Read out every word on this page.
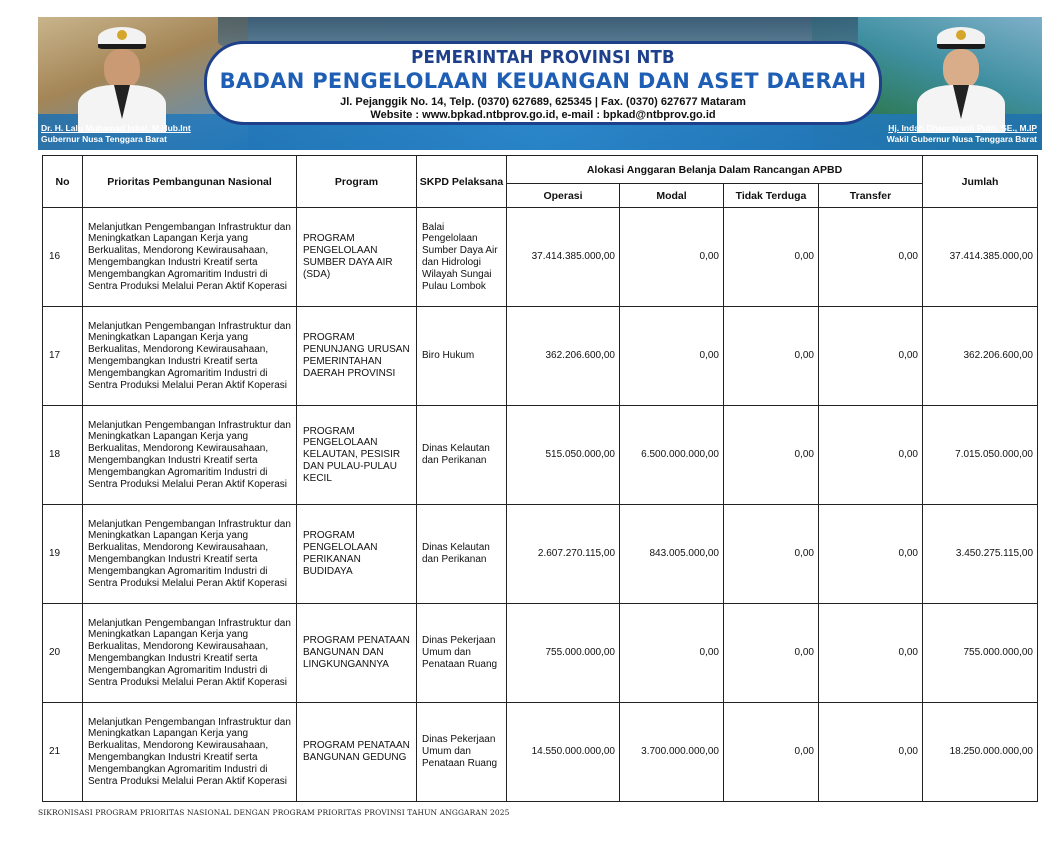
PEMERINTAH PROVINSI NTB
BADAN PENGELOLAAN KEUANGAN DAN ASET DAERAH
Jl. Pejanggik No. 14, Telp. (0370) 627689, 625345 | Fax. (0370) 627677 Mataram
Website : www.bpkad.ntbprov.go.id, e-mail : bpkad@ntbprov.go.id
Dr. H. Lalu Muhamad Iqbal, M.Hub.Int
Gubernur Nusa Tenggara Barat
Hj. Indah Dhamayanti Putri, SE., M.IP
Wakil Gubernur Nusa Tenggara Barat
No	Prioritas Pembangunan Nasional	Program	SKPD Pelaksana	Alokasi Anggaran Belanja Dalam Rancangan APBD				Jumlah
				Operasi	Modal	Tidak Terduga	Transfer	
16	Melanjutkan Pengembangan Infrastruktur dan Meningkatkan Lapangan Kerja yang Berkualitas, Mendorong Kewirausahaan, Mengembangkan Industri Kreatif serta Mengembangkan Agromaritim Industri di Sentra Produksi Melalui Peran Aktif Koperasi	PROGRAM PENGELOLAAN SUMBER DAYA AIR (SDA)	Balai Pengelolaan Sumber Daya Air dan Hidrologi Wilayah Sungai Pulau Lombok	37.414.385.000,00	0,00	0,00	0,00	37.414.385.000,00
17	Melanjutkan Pengembangan Infrastruktur dan Meningkatkan Lapangan Kerja yang Berkualitas, Mendorong Kewirausahaan, Mengembangkan Industri Kreatif serta Mengembangkan Agromaritim Industri di Sentra Produksi Melalui Peran Aktif Koperasi	PROGRAM PENUNJANG URUSAN PEMERINTAHAN DAERAH PROVINSI	Biro Hukum	362.206.600,00	0,00	0,00	0,00	362.206.600,00
18	Melanjutkan Pengembangan Infrastruktur dan Meningkatkan Lapangan Kerja yang Berkualitas, Mendorong Kewirausahaan, Mengembangkan Industri Kreatif serta Mengembangkan Agromaritim Industri di Sentra Produksi Melalui Peran Aktif Koperasi	PROGRAM PENGELOLAAN KELAUTAN, PESISIR DAN PULAU-PULAU KECIL	Dinas Kelautan dan Perikanan	515.050.000,00	6.500.000.000,00	0,00	0,00	7.015.050.000,00
19	Melanjutkan Pengembangan Infrastruktur dan Meningkatkan Lapangan Kerja yang Berkualitas, Mendorong Kewirausahaan, Mengembangkan Industri Kreatif serta Mengembangkan Agromaritim Industri di Sentra Produksi Melalui Peran Aktif Koperasi	PROGRAM PENGELOLAAN PERIKANAN BUDIDAYA	Dinas Kelautan dan Perikanan	2.607.270.115,00	843.005.000,00	0,00	0,00	3.450.275.115,00
20	Melanjutkan Pengembangan Infrastruktur dan Meningkatkan Lapangan Kerja yang Berkualitas, Mendorong Kewirausahaan, Mengembangkan Industri Kreatif serta Mengembangkan Agromaritim Industri di Sentra Produksi Melalui Peran Aktif Koperasi	PROGRAM PENATAAN BANGUNAN DAN LINGKUNGANNYA	Dinas Pekerjaan Umum dan Penataan Ruang	755.000.000,00	0,00	0,00	0,00	755.000.000,00
21	Melanjutkan Pengembangan Infrastruktur dan Meningkatkan Lapangan Kerja yang Berkualitas, Mendorong Kewirausahaan, Mengembangkan Industri Kreatif serta Mengembangkan Agromaritim Industri di Sentra Produksi Melalui Peran Aktif Koperasi	PROGRAM PENATAAN BANGUNAN GEDUNG	Dinas Pekerjaan Umum dan Penataan Ruang	14.550.000.000,00	3.700.000.000,00	0,00	0,00	18.250.000.000,00
SIKRONISASI PROGRAM PRIORITAS NASIONAL DENGAN PROGRAM PRIORITAS PROVINSI TAHUN ANGGARAN 2025
